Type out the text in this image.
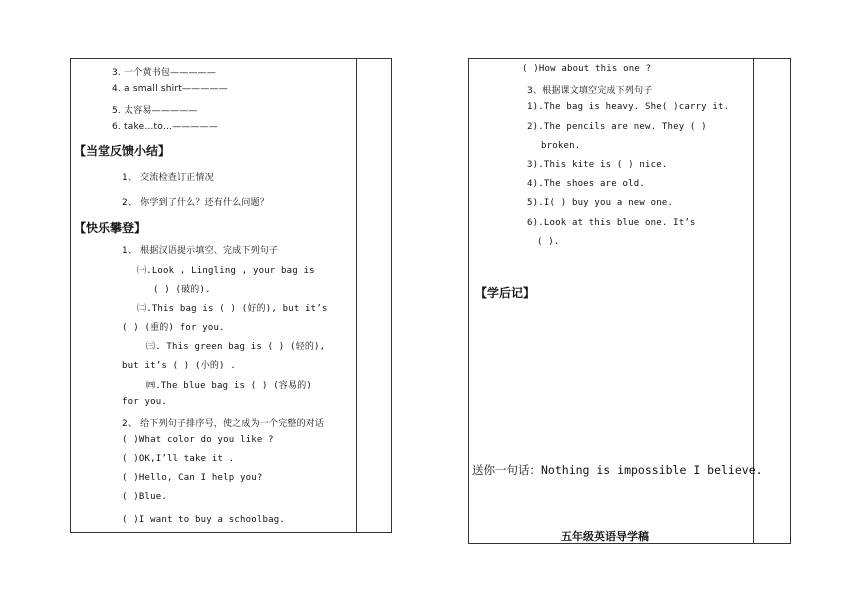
3. 一个黄书包—————
4. a small shirt—————
5. 太容易—————
6. take…to…—————
【当堂反馈小结】
1、 交流检查订正情况
2、 你学到了什么？还有什么问题？
【快乐攀登】
1、 根据汉语提示填空、完成下列句子
㈠.Look , Lingling , your bag is
( ) (破的).
㈡.This bag is ( ) (好的), but it’s
( ) (重的) for you.
㈢. This green bag is ( ) (轻的),
but it’s ( ) (小的) .
㈣.The blue bag is ( ) (容易的)
for you.
2、 给下列句子排序号，使之成为一个完整的对话
( )What color do you like ?
( )OK,I’ll take it .
( )Hello, Can I help you?
( )Blue.
( )I want to buy a schoolbag.
( )How about this one ?
3、根据课文填空完成下列句子
1).The bag is heavy. She( )carry it.
2).The pencils are new. They ( )
broken.
3).This kite is ( ) nice.
4).The shoes are old.
5).I( ) buy you a new one.
6).Look at this blue one. It’s
( ).
【学后记】
送你一句话：Nothing is impossible I believe.
五年级英语导学稿
